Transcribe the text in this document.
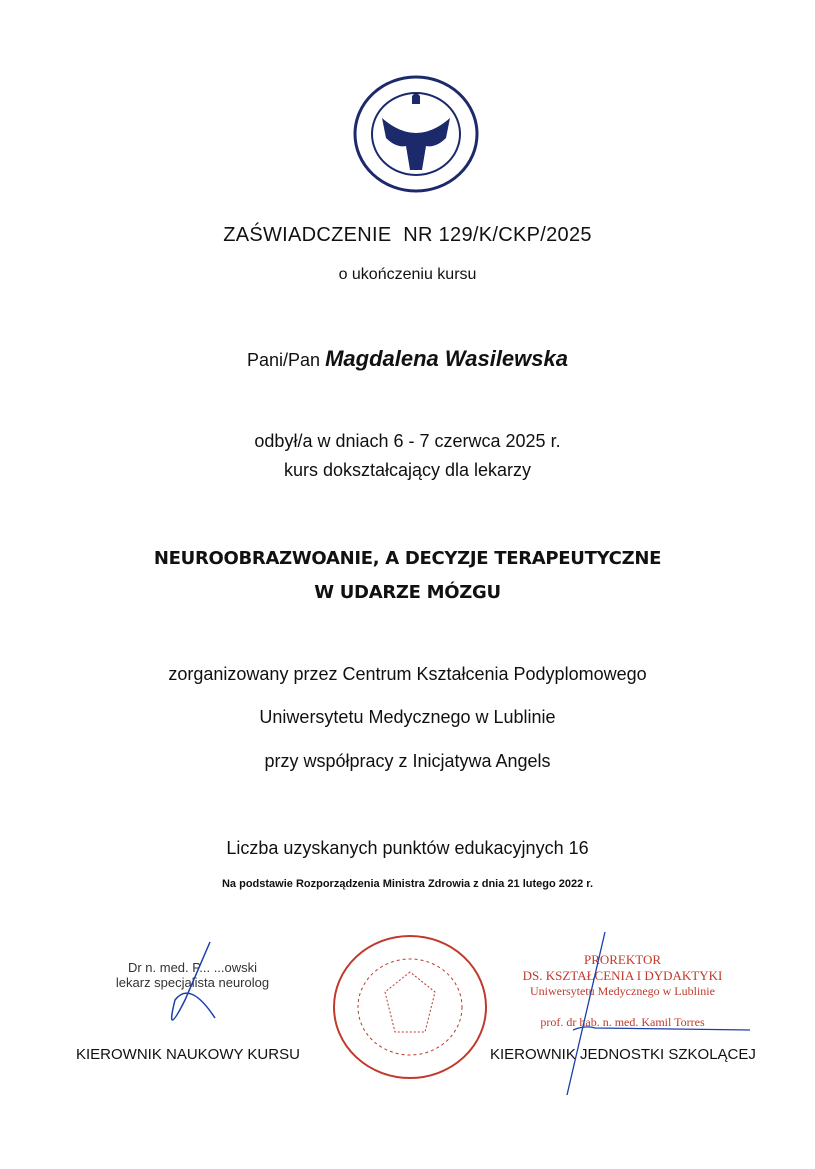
ZAŚWIADCZENIE  NR 129/K/CKP/2025
o ukończeniu kursu
Pani/Pan Magdalena Wasilewska
odbył/a w dniach 6 - 7 czerwca 2025 r.
kurs dokształcający dla lekarzy
NEUROOBRAZWOANIE, A DECYZJE TERAPEUTYCZNE
W UDARZE MÓZGU
zorganizowany przez Centrum Kształcenia Podyplomowego
Uniwersytetu Medycznego w Lublinie
przy współpracy z Inicjatywa Angels
Liczba uzyskanych punktów edukacyjnych 16
Na podstawie Rozporządzenia Ministra Zdrowia z dnia 21 lutego 2022 r.
Dr n. med. P... ...owski
lekarz specjalista neurolog
KIEROWNIK NAUKOWY KURSU
PROREKTOR
DS. KSZTAŁCENIA I DYDAKTYKI
Uniwersytetu Medycznego w Lublinie
prof. dr hab. n. med. Kamil Torres
KIEROWNIK JEDNOSTKI SZKOLĄCEJ
